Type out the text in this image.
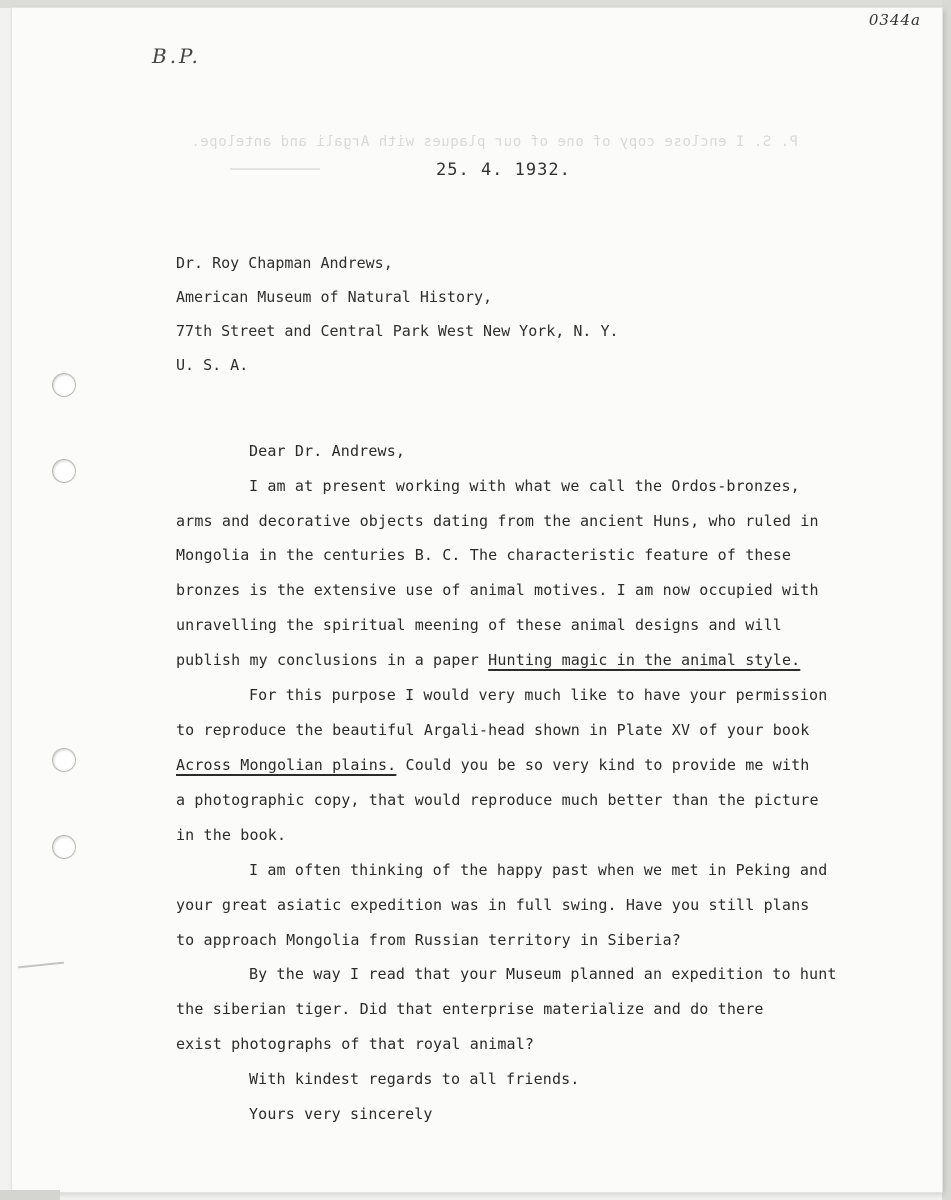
0344a
B.P.
P. S. I enclose copy of one of our plaques with Argali and antelope.
25. 4. 1932.
Dr. Roy Chapman Andrews,
American Museum of Natural History,
77th Street and Central Park West New York, N. Y.
U. S. A.
Dear Dr. Andrews,
I am at present working with what we call the Ordos-bronzes,
arms and decorative objects dating from the ancient Huns, who ruled in
Mongolia in the centuries B. C. The characteristic feature of these
bronzes is the extensive use of animal motives. I am now occupied with
unravelling the spiritual meening of these animal designs and will
publish my conclusions in a paper Hunting magic in the animal style.
For this purpose I would very much like to have your permission
to reproduce the beautiful Argali-head shown in Plate XV of your book
Across Mongolian plains. Could you be so very kind to provide me with
a photographic copy, that would reproduce much better than the picture
in the book.
I am often thinking of the happy past when we met in Peking and
your great asiatic expedition was in full swing. Have you still plans
to approach Mongolia from Russian territory in Siberia?
By the way I read that your Museum planned an expedition to hunt
the siberian tiger. Did that enterprise materialize and do there
exist photographs of that royal animal?
With kindest regards to all friends.
Yours very sincerely
